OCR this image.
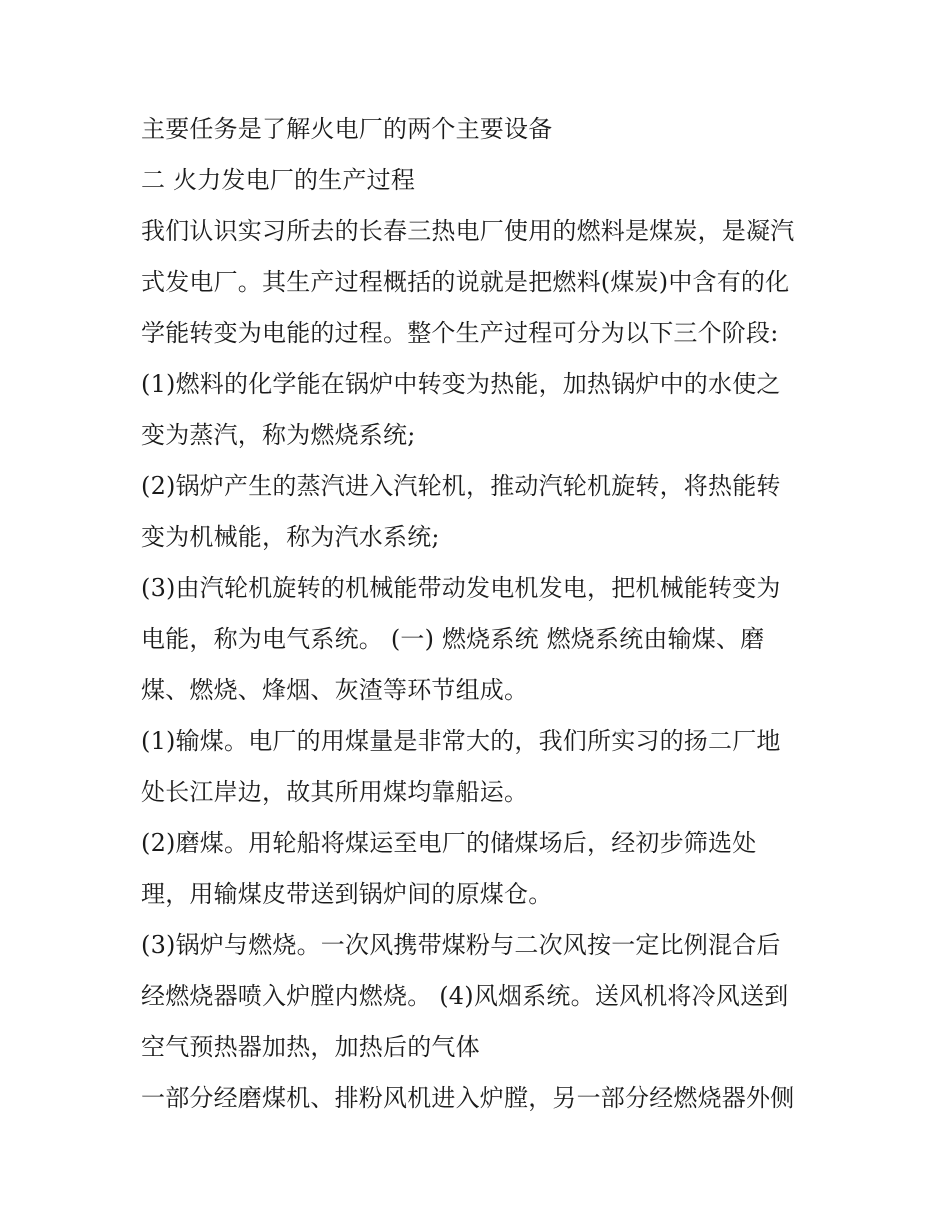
主要任务是了解火电厂的两个主要设备
二 火力发电厂的生产过程
我们认识实习所去的长春三热电厂使用的燃料是煤炭，是凝汽
式发电厂。其生产过程概括的说就是把燃料(煤炭)中含有的化
学能转变为电能的过程。整个生产过程可分为以下三个阶段:
(1)燃料的化学能在锅炉中转变为热能，加热锅炉中的水使之
变为蒸汽，称为燃烧系统;
(2)锅炉产生的蒸汽进入汽轮机，推动汽轮机旋转，将热能转
变为机械能，称为汽水系统;
(3)由汽轮机旋转的机械能带动发电机发电，把机械能转变为
电能，称为电气系统。 (一) 燃烧系统 燃烧系统由输煤、磨
煤、燃烧、烽烟、灰渣等环节组成。
(1)输煤。电厂的用煤量是非常大的，我们所实习的扬二厂地
处长江岸边，故其所用煤均靠船运。
(2)磨煤。用轮船将煤运至电厂的储煤场后，经初步筛选处
理，用输煤皮带送到锅炉间的原煤仓。
(3)锅炉与燃烧。一次风携带煤粉与二次风按一定比例混合后
经燃烧器喷入炉膛内燃烧。 (4)风烟系统。送风机将冷风送到
空气预热器加热，加热后的气体
一部分经磨煤机、排粉风机进入炉膛，另一部分经燃烧器外侧
